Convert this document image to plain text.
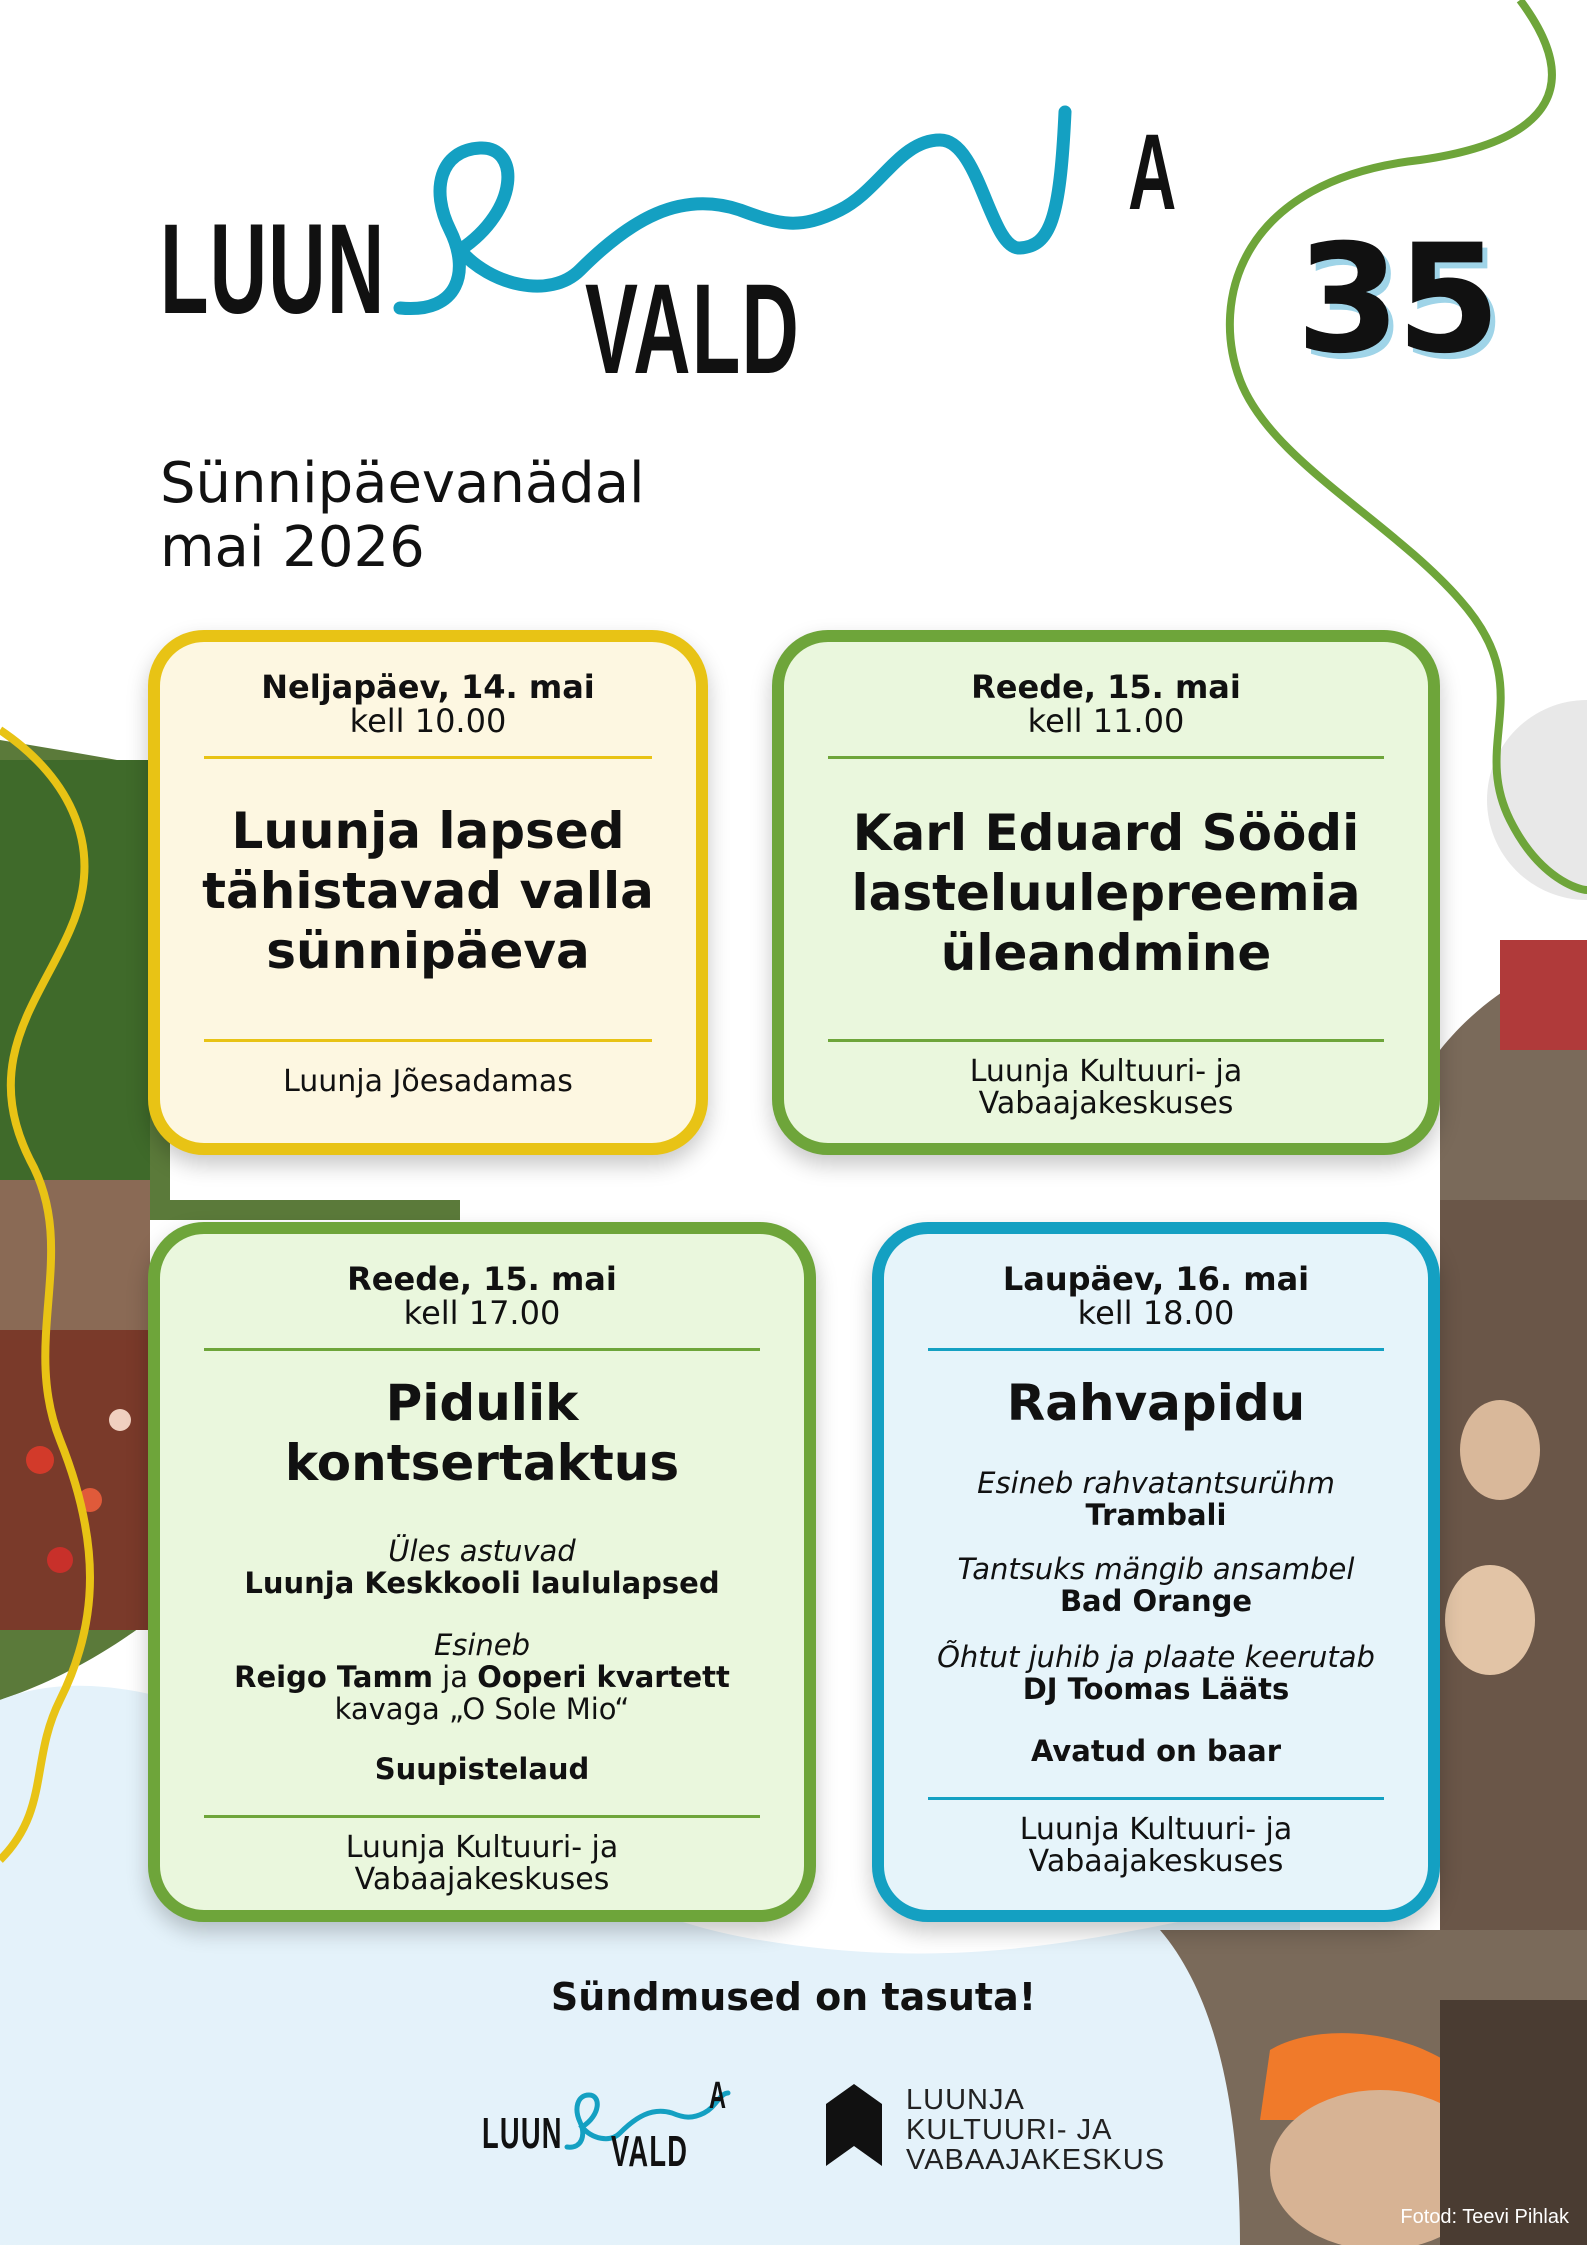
LUUN
A
VALD	35
Sünnipäevanädal
mai 2026
Neljapäev, 14. mai
kell 10.00
Luunja lapsed
tähistavad valla
sünnipäeva
Luunja Jõesadamas
Reede, 15. mai
kell 11.00
Karl Eduard Söödi
lasteluulepreemia
üleandmine
Luunja Kultuuri- ja
Vabaajakeskuses
Reede, 15. mai
kell 17.00
Pidulik
kontsertaktus
Üles astuvad
Luunja Keskkooli laululapsed
Esineb
Reigo Tamm ja Ooperi kvartett
kavaga „O Sole Mio“
Suupistelaud
Luunja Kultuuri- ja
Vabaajakeskuses
Laupäev, 16. mai
kell 18.00
Rahvapidu
Esineb rahvatantsurühm
Trambali
Tantsuks mängib ansambel
Bad Orange
Õhtut juhib ja plaate keerutab
DJ Toomas Lääts
Avatud on baar
Luunja Kultuuri- ja
Vabaajakeskuses
Sündmused on tasuta!
LUUN
A
VALD
LUUNJA
KULTUURI- JA
VABAAJAKESKUS
Fotod: Teevi Pihlak
